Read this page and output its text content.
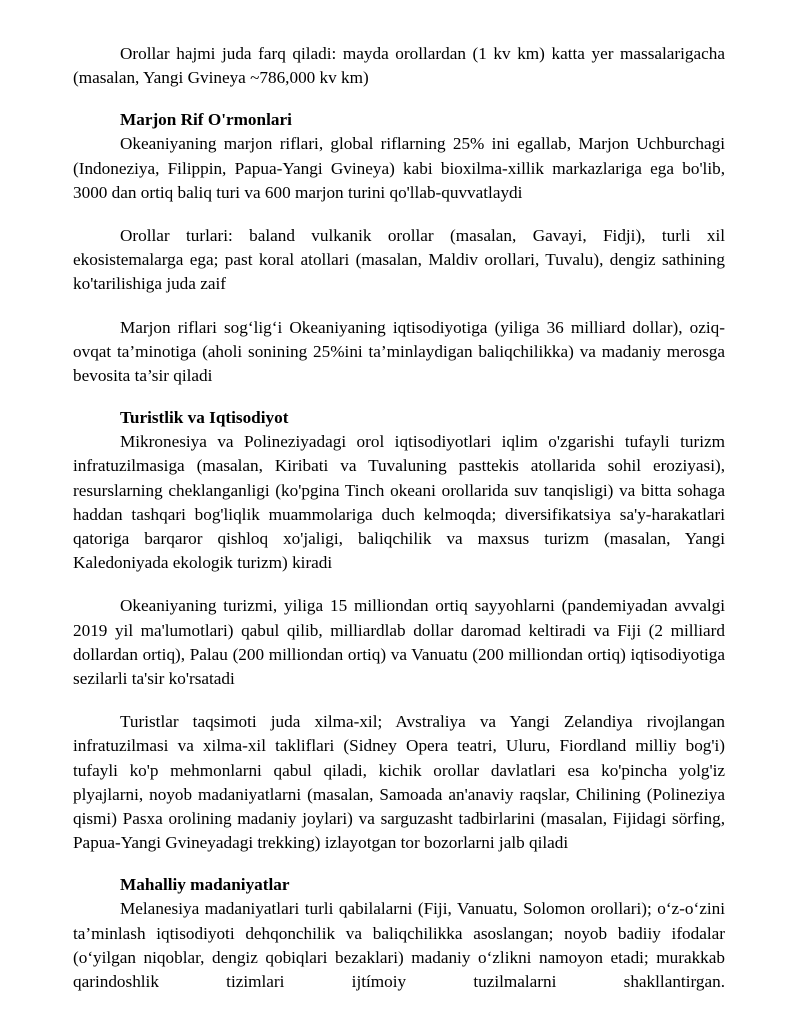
Orollar hajmi juda farq qiladi: mayda orollardan (1 kv km) katta yer massalarigacha (masalan, Yangi Gvineya ~786,000 kv km)

Marjon Rif O'rmonlari

Okeaniyaning marjon riflari, global riflarning 25% ini egallab, Marjon Uchburchagi (Indoneziya, Filippin, Papua-Yangi Gvineya) kabi bioxilma-xillik markazlariga ega bo'lib, 3000 dan ortiq baliq turi va 600 marjon turini qo'llab-quvvatlaydi

Orollar turlari: baland vulkanik orollar (masalan, Gavayi, Fidji), turli xil ekosistemalarga ega; past koral atollari (masalan, Maldiv orollari, Tuvalu), dengiz sathining ko'tarilishiga juda zaif

Marjon riflari sog‘lig‘i Okeaniyaning iqtisodiyotiga (yiliga 36 milliard dollar), oziq-ovqat ta’minotiga (aholi sonining 25%ini ta’minlaydigan baliqchilikka) va madaniy merosga bevosita ta’sir qiladi

Turistlik va Iqtisodiyot

Mikronesiya va Polineziyadagi orol iqtisodiyotlari iqlim o'zgarishi tufayli turizm infratuzilmasiga (masalan, Kiribati va Tuvaluning pasttekis atollarida sohil eroziyasi), resurslarning cheklanganligi (ko'pgina Tinch okeani orollarida suv tanqisligi) va bitta sohaga haddan tashqari bog'liqlik muammolariga duch kelmoqda; diversifikatsiya sa'y-harakatlari qatoriga barqaror qishloq xo'jaligi, baliqchilik va maxsus turizm (masalan, Yangi Kaledoniyada ekologik turizm) kiradi

Okeaniyaning turizmi, yiliga 15 milliondan ortiq sayyohlarni (pandemiyadan avvalgi 2019 yil ma'lumotlari) qabul qilib, milliardlab dollar daromad keltiradi va Fiji (2 milliard dollardan ortiq), Palau (200 milliondan ortiq) va Vanuatu (200 milliondan ortiq) iqtisodiyotiga sezilarli ta'sir ko'rsatadi

Turistlar taqsimoti juda xilma-xil; Avstraliya va Yangi Zelandiya rivojlangan infratuzilmasi va xilma-xil takliflari (Sidney Opera teatri, Uluru, Fiordland milliy bog'i) tufayli ko'p mehmonlarni qabul qiladi, kichik orollar davlatlari esa ko'pincha yolg'iz plyajlarni, noyob madaniyatlarni (masalan, Samoada an'anaviy raqslar, Chilining (Polineziya qismi) Pasxa orolining madaniy joylari) va sarguzasht tadbirlarini (masalan, Fijidagi sörfing, Papua-Yangi Gvineyadagi trekking) izlayotgan tor bozorlarni jalb qiladi

Mahalliy madaniyatlar

Melanesiya madaniyatlari turli qabilalarni (Fiji, Vanuatu, Solomon orollari); o‘z-o‘zini ta’minlash iqtisodiyoti dehqonchilik va baliqchilikka asoslangan; noyob badiiy ifodalar (o‘yilgan niqoblar, dengiz qobiqlari bezaklari) madaniy o‘zlikni namoyon etadi; murakkab qarindoshlik tizimlari ijtímoiy tuzilmalarni shakllantirgan.
